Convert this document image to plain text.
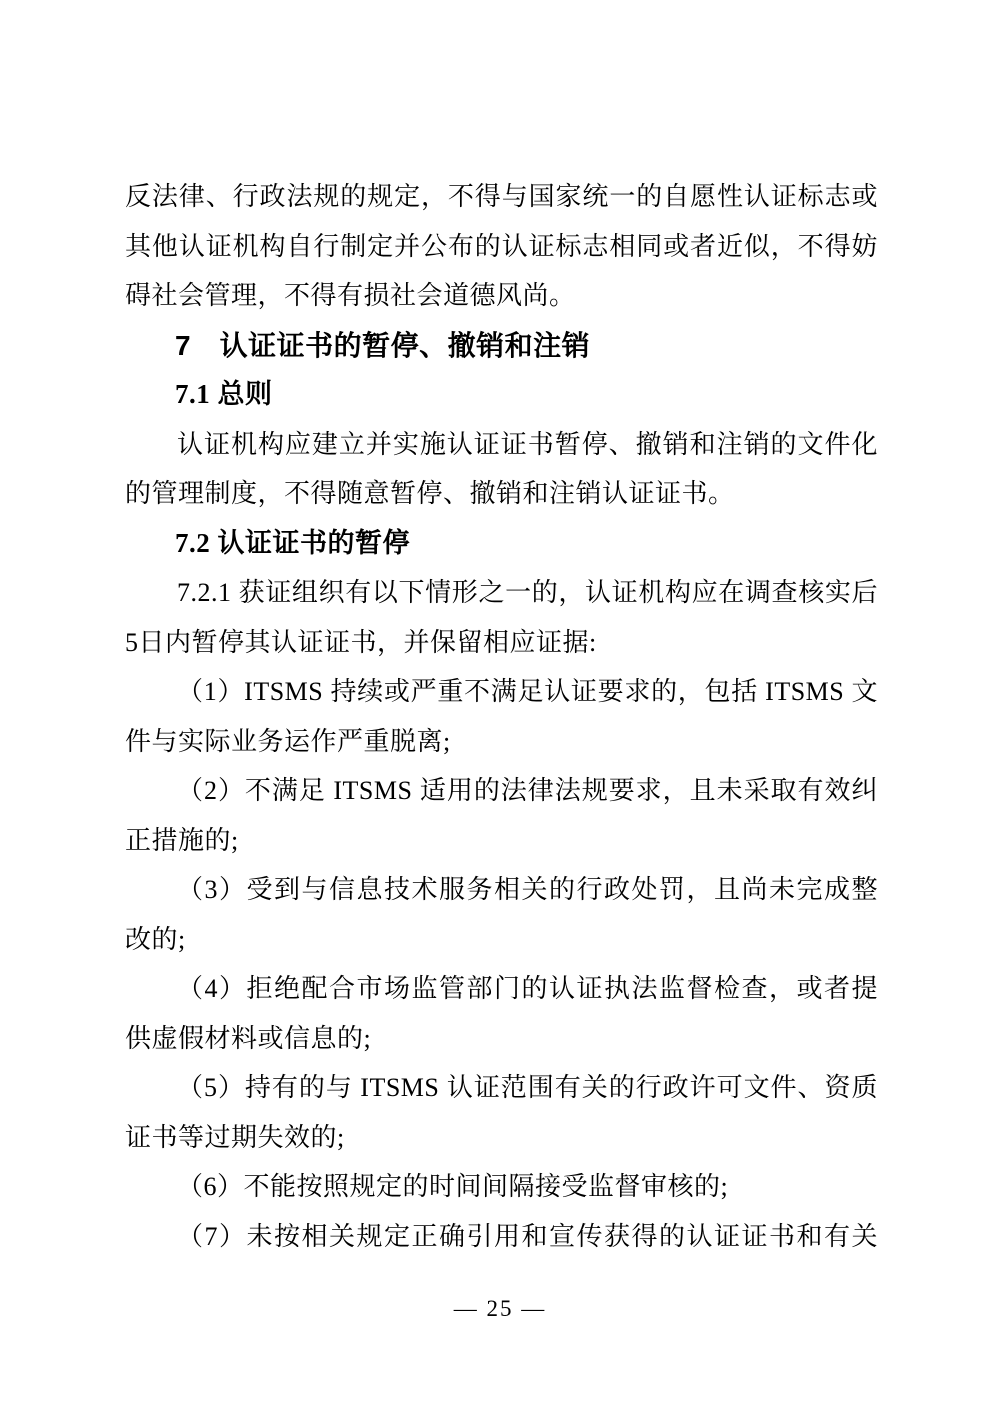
反法律、行政法规的规定，不得与国家统一的自愿性认证标志或
其他认证机构自行制定并公布的认证标志相同或者近似，不得妨
碍社会管理，不得有损社会道德风尚。
7　认证证书的暂停、撤销和注销
7.1 总则
认证机构应建立并实施认证证书暂停、撤销和注销的文件化
的管理制度，不得随意暂停、撤销和注销认证证书。
7.2 认证证书的暂停
7.2.1 获证组织有以下情形之一的，认证机构应在调查核实后
5日内暂停其认证证书，并保留相应证据:
（1）ITSMS 持续或严重不满足认证要求的，包括 ITSMS 文
件与实际业务运作严重脱离;
（2）不满足 ITSMS 适用的法律法规要求，且未采取有效纠
正措施的;
（3）受到与信息技术服务相关的行政处罚，且尚未完成整
改的;
（4）拒绝配合市场监管部门的认证执法监督检查，或者提
供虚假材料或信息的;
（5）持有的与 ITSMS 认证范围有关的行政许可文件、资质
证书等过期失效的;
（6）不能按照规定的时间间隔接受监督审核的;
（7）未按相关规定正确引用和宣传获得的认证证书和有关
— 25 —
